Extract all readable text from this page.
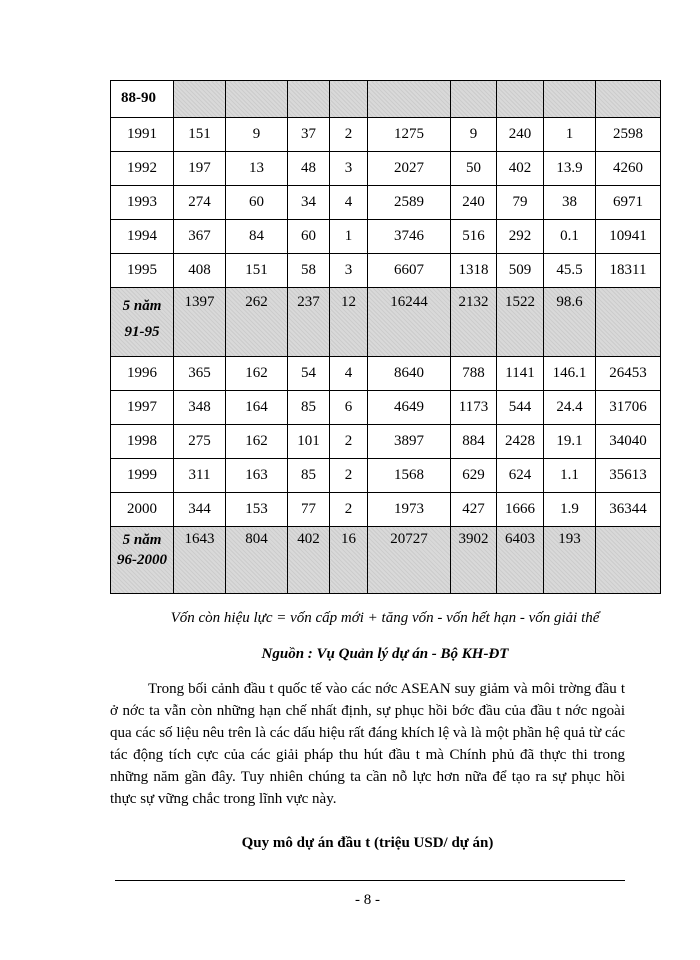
88-90									
1991	151	9	37	2	1275	9	240	1	2598
1992	197	13	48	3	2027	50	402	13.9	4260
1993	274	60	34	4	2589	240	79	38	6971
1994	367	84	60	1	3746	516	292	0.1	10941
1995	408	151	58	3	6607	1318	509	45.5	18311
5 năm 91-95	1397	262	237	12	16244	2132	1522	98.6	
1996	365	162	54	4	8640	788	1141	146.1	26453
1997	348	164	85	6	4649	1173	544	24.4	31706
1998	275	162	101	2	3897	884	2428	19.1	34040
1999	311	163	85	2	1568	629	624	1.1	35613
2000	344	153	77	2	1973	427	1666	1.9	36344
5 năm 96-2000	1643	804	402	16	20727	3902	6403	193	
Vốn còn hiệu lực = vốn cấp mới + tăng vốn - vốn hết hạn - vốn giải thể
Nguồn : Vụ Quản lý dự án - Bộ KH-ĐT

Trong bối cảnh đầu t quốc tế vào các nớc ASEAN suy giảm và môi trờng đầu t ở nớc ta vẫn còn những hạn chế nhất định, sự phục hồi bớc đầu của đầu t nớc ngoài qua các số liệu nêu trên là các dấu hiệu rất đáng khích lệ và là một phần hệ quả từ các tác động tích cực của các giải pháp thu hút đầu t mà Chính phủ đã thực thi trong những năm gần đây. Tuy nhiên chúng ta cần nỗ lực hơn nữa để tạo ra sự phục hồi thực sự vững chắc trong lĩnh vực này.

Quy mô dự án đầu t (triệu USD/ dự án)
- 8 -
